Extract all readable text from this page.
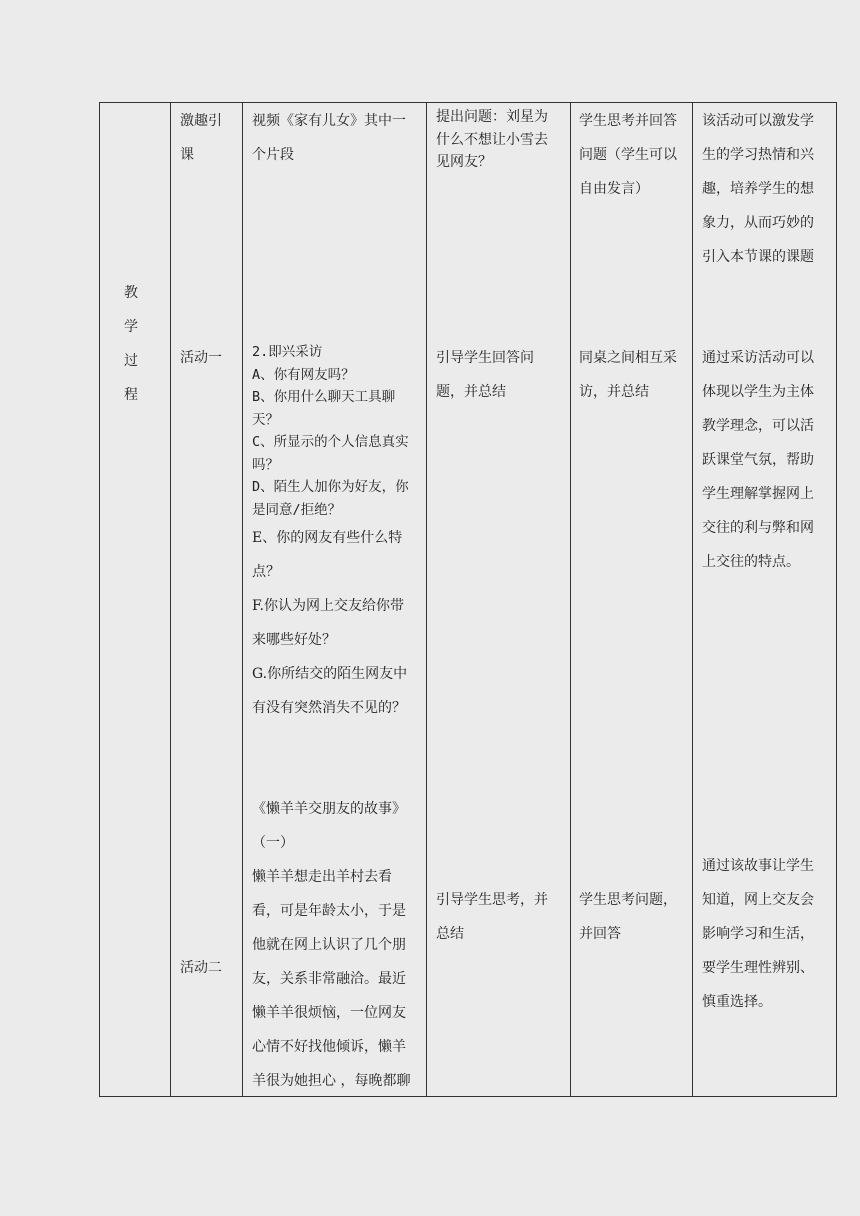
教
学
过
程
激趣引
课
视频《家有儿女》其中一
个片段
提出问题：刘星为
什么不想让小雪去
见网友？
学生思考并回答
问题（学生可以
自由发言）
该活动可以激发学
生的学习热情和兴
趣，培养学生的想
象力，从而巧妙的
引入本节课的课题
活动一 2.即兴采访
A、你有网友吗？
B、你用什么聊天工具聊
天？
C、所显示的个人信息真实
吗？
D、陌生人加你为好友，你
是同意/拒绝？
E、你的网友有些什么特
点？
F.你认为网上交友给你带
来哪些好处？
G.你所结交的陌生网友中
有没有突然消失不见的？
引导学生回答问
题，并总结
同桌之间相互采
访，并总结
通过采访活动可以
体现以学生为主体
教学理念，可以活
跃课堂气氛，帮助
学生理解掌握网上
交往的利与弊和网
上交往的特点。
活动二
《懒羊羊交朋友的故事》
（一）
懒羊羊想走出羊村去看
看，可是年龄太小，于是
他就在网上认识了几个朋
友，关系非常融洽。最近
懒羊羊很烦恼，一位网友
心情不好找他倾诉，懒羊
羊很为她担心 ，每晚都聊
引导学生思考，并
总结
学生思考问题，
并回答
通过该故事让学生
知道，网上交友会
影响学习和生活，
要学生理性辨别、
慎重选择。
